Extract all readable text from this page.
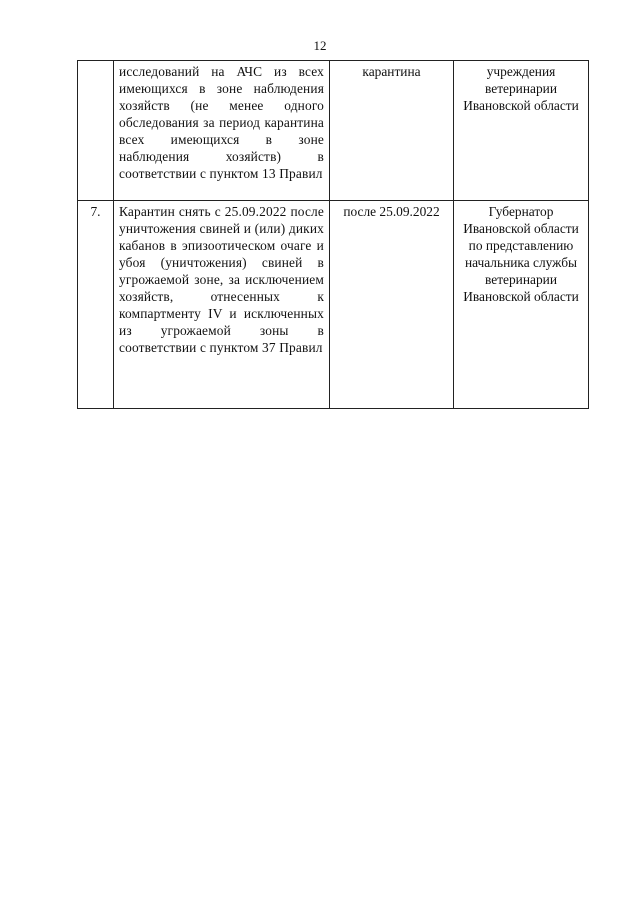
12
	исследований на АЧС из всех имеющихся в зоне наблюдения хозяйств (не менее одного обследования за период карантина всех имеющихся в зоне наблюдения хозяйств) в соответствии с пунктом 13 Правил	карантина	учреждения ветеринарии Ивановской области
7.	Карантин снять с 25.09.2022 после уничтожения свиней и (или) диких кабанов в эпизоотическом очаге и убоя (уничтожения) свиней в угрожаемой зоне, за исключением хозяйств, отнесенных к компартменту IV и исключенных из угрожаемой зоны в соответствии с пунктом 37 Правил	после 25.09.2022	Губернатор Ивановской области по представлению начальника службы ветеринарии Ивановской области
